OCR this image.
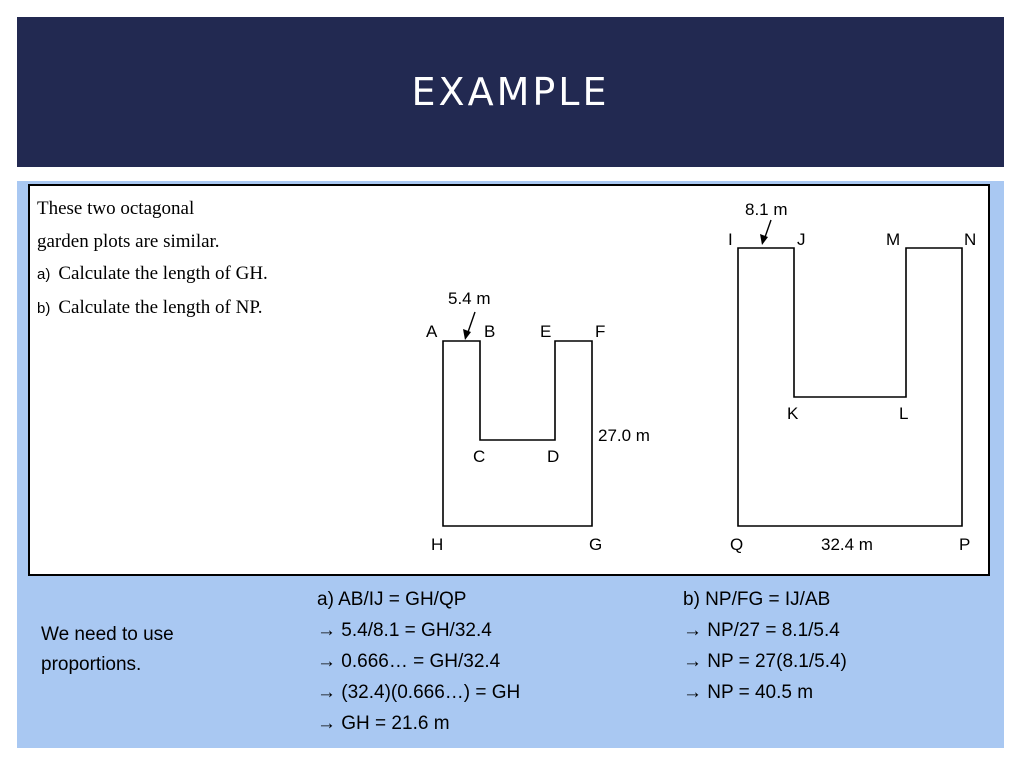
EXAMPLE
These two octagonal
garden plots are similar.
a) Calculate the length of GH.
b) Calculate the length of NP.	5.4 m
27.0 m
A	B
C	D
E	F
G
H
8.1 m
32.4 m
I	J
K	L
M	N
P
Q
We need to use proportions.
a) AB/IJ = GH/QP
→ 5.4/8.1 = GH/32.4
→ 0.666… = GH/32.4
→ (32.4)(0.666…) = GH
→ GH = 21.6 m
b) NP/FG = IJ/AB
→ NP/27 = 8.1/5.4
→ NP = 27(8.1/5.4)
→ NP = 40.5 m
